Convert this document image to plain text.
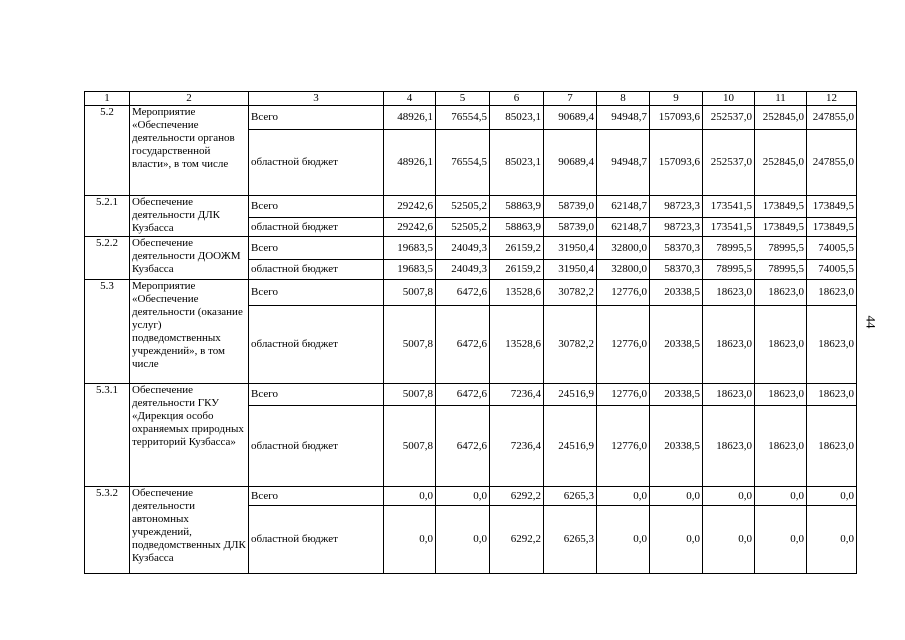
1	2	3	4	5	6	7	8	9	10	11	12
5.2	Мероприятие «Обеспечение деятельности органов государственной власти», в том числе	Всего	48926,1	76554,5	85023,1	90689,4	94948,7	157093,6	252537,0	252845,0	247855,0
		областной бюджет	48926,1	76554,5	85023,1	90689,4	94948,7	157093,6	252537,0	252845,0	247855,0
5.2.1	Обеспечение деятельности ДЛК Кузбасса	Всего	29242,6	52505,2	58863,9	58739,0	62148,7	98723,3	173541,5	173849,5	173849,5
		областной бюджет	29242,6	52505,2	58863,9	58739,0	62148,7	98723,3	173541,5	173849,5	173849,5
5.2.2	Обеспечение деятельности ДООЖМ Кузбасса	Всего	19683,5	24049,3	26159,2	31950,4	32800,0	58370,3	78995,5	78995,5	74005,5
		областной бюджет	19683,5	24049,3	26159,2	31950,4	32800,0	58370,3	78995,5	78995,5	74005,5
5.3	Мероприятие «Обеспечение деятельности (оказание услуг) подведомственных учреждений», в том числе	Всего	5007,8	6472,6	13528,6	30782,2	12776,0	20338,5	18623,0	18623,0	18623,0
		областной бюджет	5007,8	6472,6	13528,6	30782,2	12776,0	20338,5	18623,0	18623,0	18623,0
5.3.1	Обеспечение деятельности ГКУ «Дирекция особо охраняемых природных территорий Кузбасса»	Всего	5007,8	6472,6	7236,4	24516,9	12776,0	20338,5	18623,0	18623,0	18623,0
		областной бюджет	5007,8	6472,6	7236,4	24516,9	12776,0	20338,5	18623,0	18623,0	18623,0
5.3.2	Обеспечение деятельности автономных учреждений, подведомственных ДЛК Кузбасса	Всего	0,0	0,0	6292,2	6265,3	0,0	0,0	0,0	0,0	0,0
		областной бюджет	0,0	0,0	6292,2	6265,3	0,0	0,0	0,0	0,0	0,0
44
